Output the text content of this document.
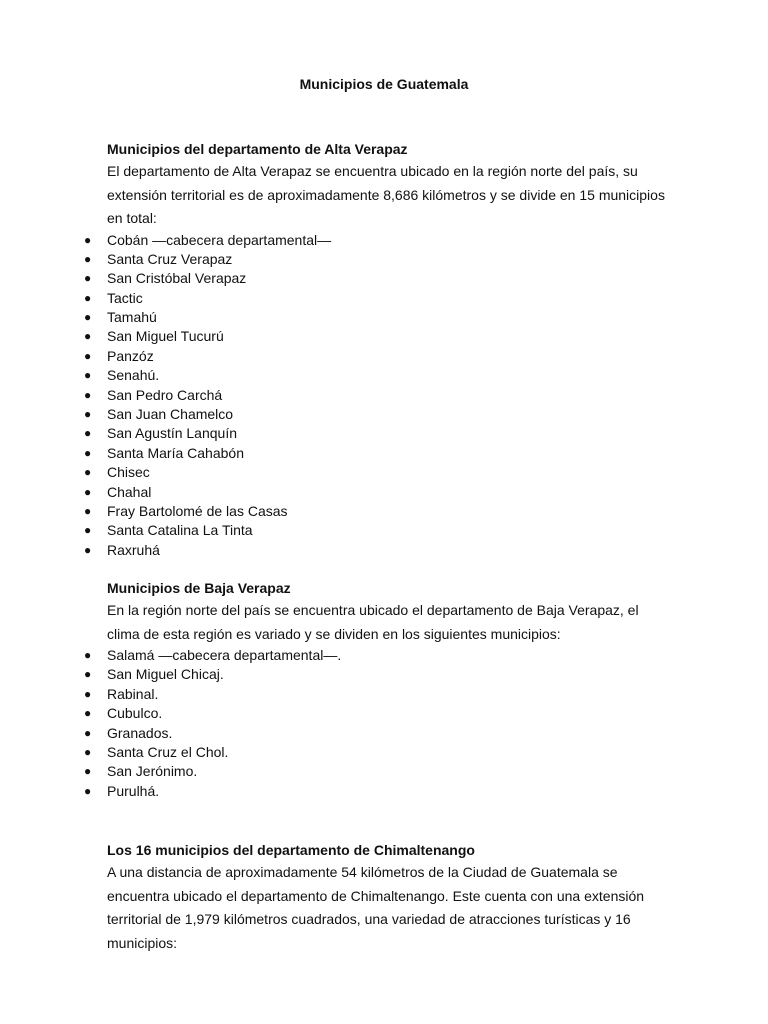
Municipios de Guatemala
Municipios del departamento de Alta Verapaz
El departamento de Alta Verapaz se encuentra ubicado en la región norte del país, su extensión territorial es de aproximadamente 8,686 kilómetros y se divide en 15 municipios en total:
● Cobán —cabecera departamental—
● Santa Cruz Verapaz
● San Cristóbal Verapaz
● Tactic
● Tamahú
● San Miguel Tucurú
● Panzóz
● Senahú.
● San Pedro Carchá
● San Juan Chamelco
● San Agustín Lanquín
● Santa María Cahabón
● Chisec
● Chahal
● Fray Bartolomé de las Casas
● Santa Catalina La Tinta
● Raxruhá
Municipios de Baja Verapaz
En la región norte del país se encuentra ubicado el departamento de Baja Verapaz, el clima de esta región es variado y se dividen en los siguientes municipios:
● Salamá —cabecera departamental—.
● San Miguel Chicaj.
● Rabinal.
● Cubulco.
● Granados.
● Santa Cruz el Chol.
● San Jerónimo.
● Purulhá.
Los 16 municipios del departamento de Chimaltenango
A una distancia de aproximadamente 54 kilómetros de la Ciudad de Guatemala se encuentra ubicado el departamento de Chimaltenango. Este cuenta con una extensión territorial de 1,979 kilómetros cuadrados, una variedad de atracciones turísticas y 16 municipios:
